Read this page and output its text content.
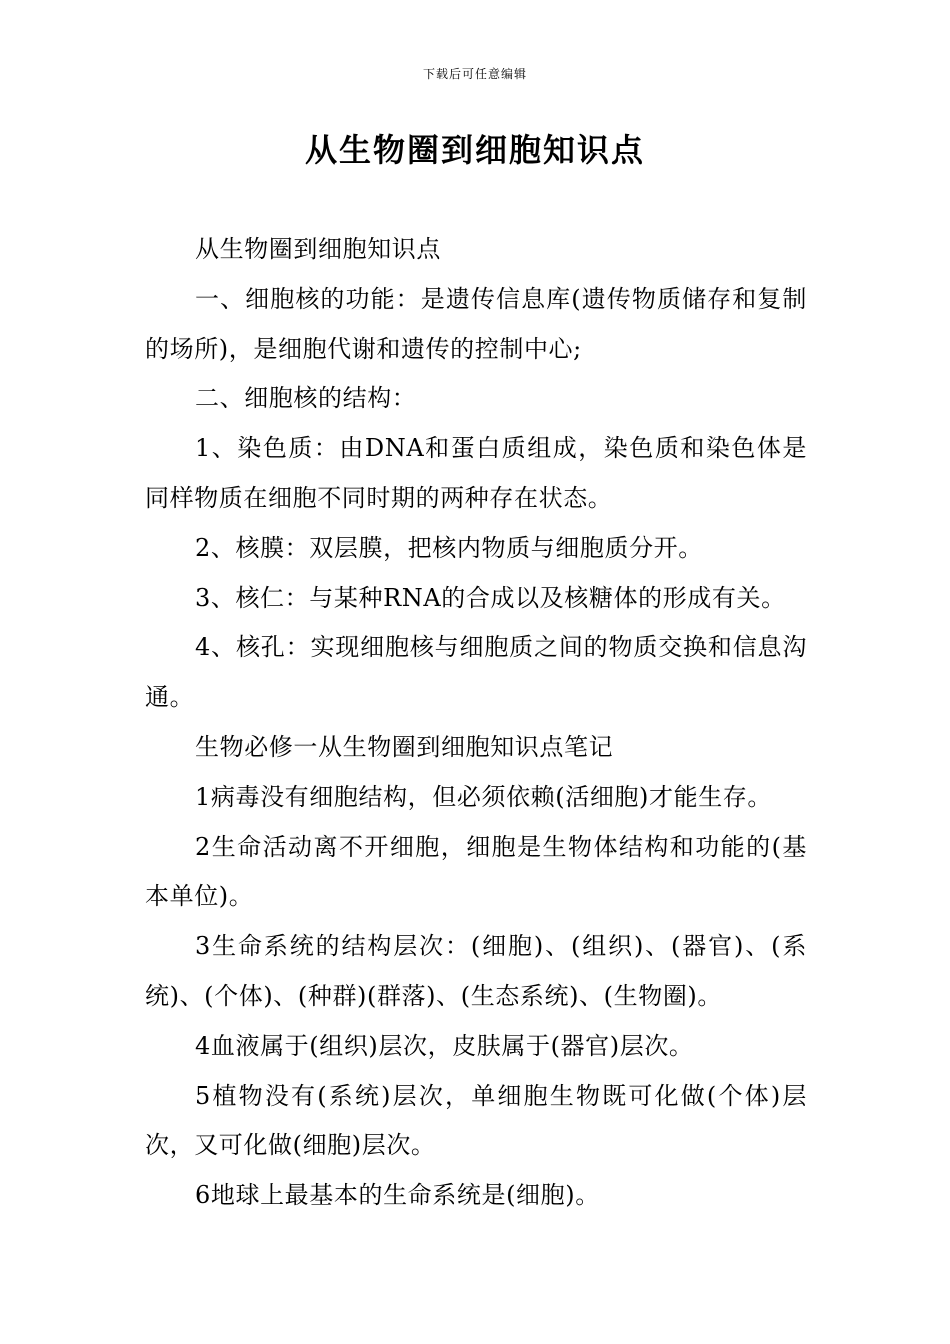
下载后可任意编辑
从生物圈到细胞知识点

从生物圈到细胞知识点

一、细胞核的功能：是遗传信息库(遗传物质储存和复制的场所)，是细胞代谢和遗传的控制中心;

二、细胞核的结构：

1、染色质：由DNA和蛋白质组成，染色质和染色体是同样物质在细胞不同时期的两种存在状态。

2、核膜：双层膜，把核内物质与细胞质分开。

3、核仁：与某种RNA的合成以及核糖体的形成有关。

4、核孔：实现细胞核与细胞质之间的物质交换和信息沟通。

生物必修一从生物圈到细胞知识点笔记

1病毒没有细胞结构，但必须依赖(活细胞)才能生存。

2生命活动离不开细胞，细胞是生物体结构和功能的(基本单位)。

3生命系统的结构层次：(细胞)、(组织)、(器官)、(系统)、(个体)、(种群)(群落)、(生态系统)、(生物圈)。

4血液属于(组织)层次，皮肤属于(器官)层次。

5植物没有(系统)层次，单细胞生物既可化做(个体)层次，又可化做(细胞)层次。

6地球上最基本的生命系统是(细胞)。
